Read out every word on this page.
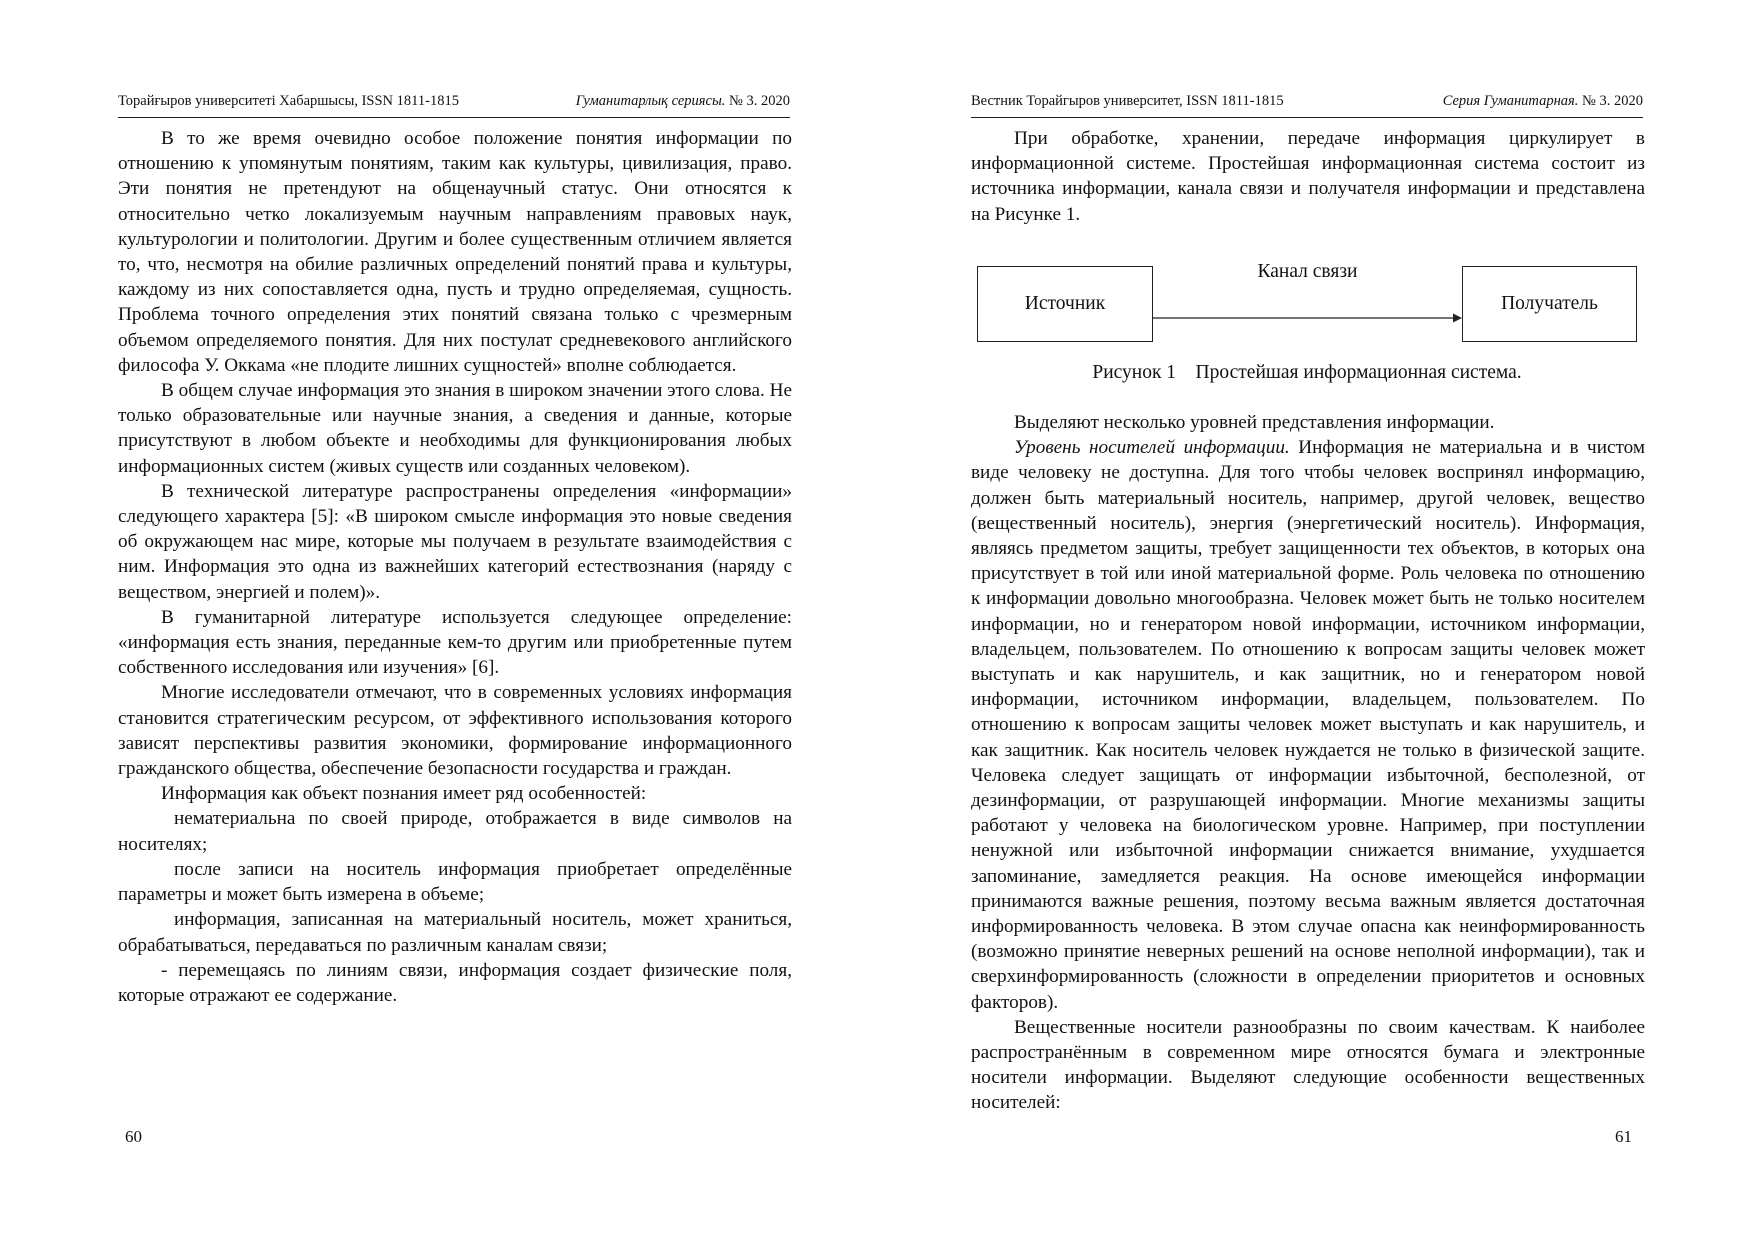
Торайғыров университеті Хабаршысы, ISSN 1811-1815	Гуманитарлық сериясы. № 3. 2020

В то же время очевидно особое положение понятия информации по отношению к упомянутым понятиям, таким как культуры, цивилизация, право. Эти понятия не претендуют на общенаучный статус. Они относятся к относительно четко локализуемым научным направлениям правовых наук, культурологии и политологии. Другим и более существенным отличием является то, что, несмотря на обилие различных определений понятий права и культуры, каждому из них сопоставляется одна, пусть и трудно определяемая, сущность. Проблема точного определения этих понятий связана только с чрезмерным объемом определяемого понятия. Для них постулат средневекового английского философа У. Оккама «не плодите лишних сущностей» вполне соблюдается.

В общем случае информация это знания в широком значении этого слова. Не только образовательные или научные знания, а сведения и данные, которые присутствуют в любом объекте и необходимы для функционирования любых информационных систем (живых существ или созданных человеком).

В технической литературе распространены определения «информации» следующего характера [5]: «В широком смысле информация это новые сведения об окружающем нас мире, которые мы получаем в результате взаимодействия с ним. Информация это одна из важнейших категорий естествознания (наряду с веществом, энергией и полем)».

В гуманитарной литературе используется следующее определение: «информация есть знания, переданные кем-то другим или приобретенные путем собственного исследования или изучения» [6].

Многие исследователи отмечают, что в современных условиях информация становится стратегическим ресурсом, от эффективного использования которого зависят перспективы развития экономики, формирование информационного гражданского общества, обеспечение безопасности государства и граждан.

Информация как объект познания имеет ряд особенностей:

нематериальна по своей природе, отображается в виде символов на носителях;

после записи на носитель информация приобретает определённые параметры и может быть измерена в объеме;

информация, записанная на материальный носитель, может храниться, обрабатываться, передаваться по различным каналам связи;

- перемещаясь по линиям связи, информация создает физические поля, которые отражают ее содержание.

60
Вестник Торайгыров университет, ISSN 1811-1815	Серия Гуманитарная. № 3. 2020

При обработке, хранении, передаче информация циркулирует в информационной системе. Простейшая информационная система состоит из источника информации, канала связи и получателя информации и представлена на Рисунке 1.

Источник
Канал связи
Получатель
Рисунок 1    Простейшая информационная система.

Выделяют несколько уровней представления информации.

Уровень носителей информации. Информация не материальна и в чистом виде человеку не доступна. Для того чтобы человек воспринял информацию, должен быть материальный носитель, например, другой человек, вещество (вещественный носитель), энергия (энергетический носитель). Информация, являясь предметом защиты, требует защищенности тех объектов, в которых она присутствует в той или иной материальной форме. Роль человека по отношению к информации довольно многообразна. Человек может быть не только носителем информации, но и генератором новой информации, источником информации, владельцем, пользователем. По отношению к вопросам защиты человек может выступать и как нарушитель, и как защитник, но и генератором новой информации, источником информации, владельцем, пользователем. По отношению к вопросам защиты человек может выступать и как нарушитель, и как защитник. Как носитель человек нуждается не только в физической защите. Человека следует защищать от информации избыточной, бесполезной, от дезинформации, от разрушающей информации. Многие механизмы защиты работают у человека на биологическом уровне. Например, при поступлении ненужной или избыточной информации снижается внимание, ухудшается запоминание, замедляется реакция. На основе имеющейся информации принимаются важные решения, поэтому весьма важным является достаточная информированность человека. В этом случае опасна как неинформированность (возможно принятие неверных решений на основе неполной информации), так и сверхинформированность (сложности в определении приоритетов и основных факторов).

Вещественные носители разнообразны по своим качествам. К наиболее распространённым в современном мире относятся бумага и электронные носители информации. Выделяют следующие особенности вещественных носителей:

61
